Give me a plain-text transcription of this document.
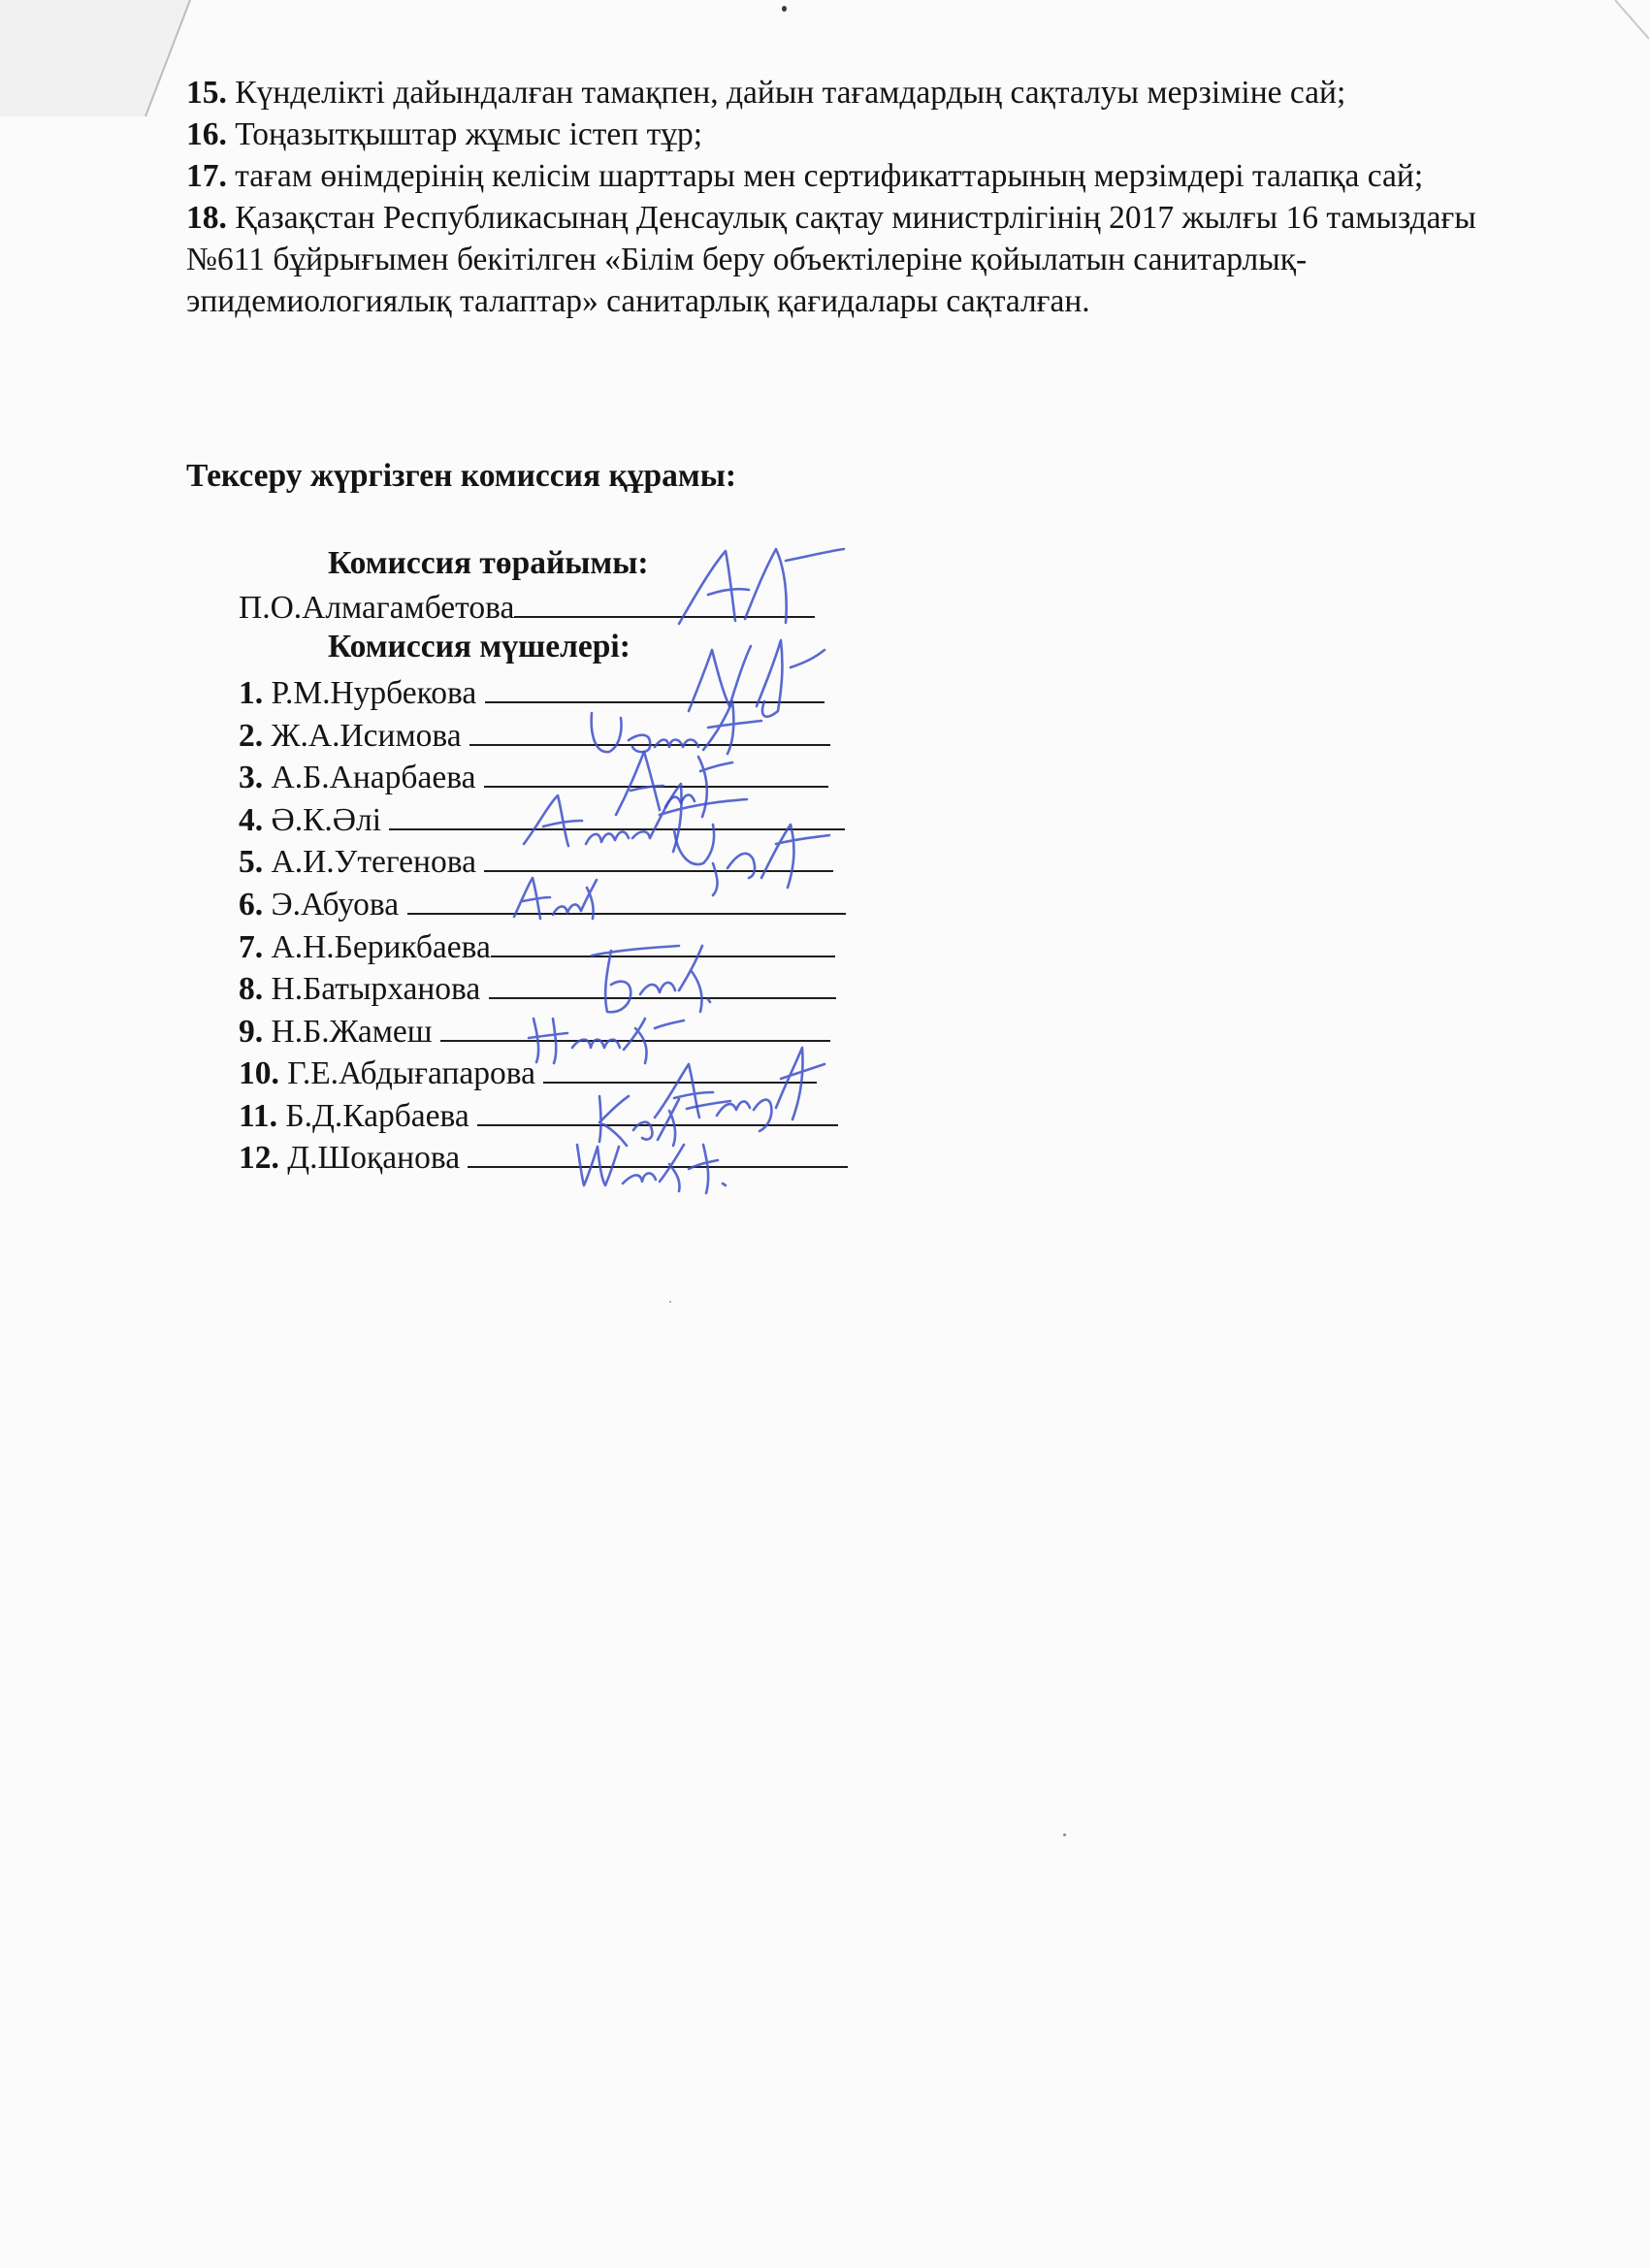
15. Күнделікті дайындалған тамақпен, дайын тағамдардың сақталуы мерзіміне сай;

16. Тоңазытқыштар жұмыс істеп тұр;

17. тағам өнімдерінің келісім шарттары мен сертификаттарының мерзімдері талапқа сай;

18. Қазақстан Республикасынаң Денсаулық сақтау министрлігінің 2017 жылғы 16 тамыздағы №611 бұйрығымен бекітілген «Білім беру объектілеріне қойылатын санитарлық-эпидемиологиялық талаптар» санитарлық қағидалары сақталған.

Тексеру жүргізген комиссия құрамы:
Комиссия төрайымы:
П.О.Алмагамбетова
Комиссия мүшелері:
1. Р.М.Нурбекова
2. Ж.А.Исимова
3. А.Б.Анарбаева
4. Ә.К.Әлі
5. А.И.Утегенова
6. Э.Абуова
7. А.Н.Берикбаева
8. Н.Батырханова
9. Н.Б.Жамеш
10. Г.Е.Абдығапарова
11. Б.Д.Карбаева
12. Д.Шоқанова
